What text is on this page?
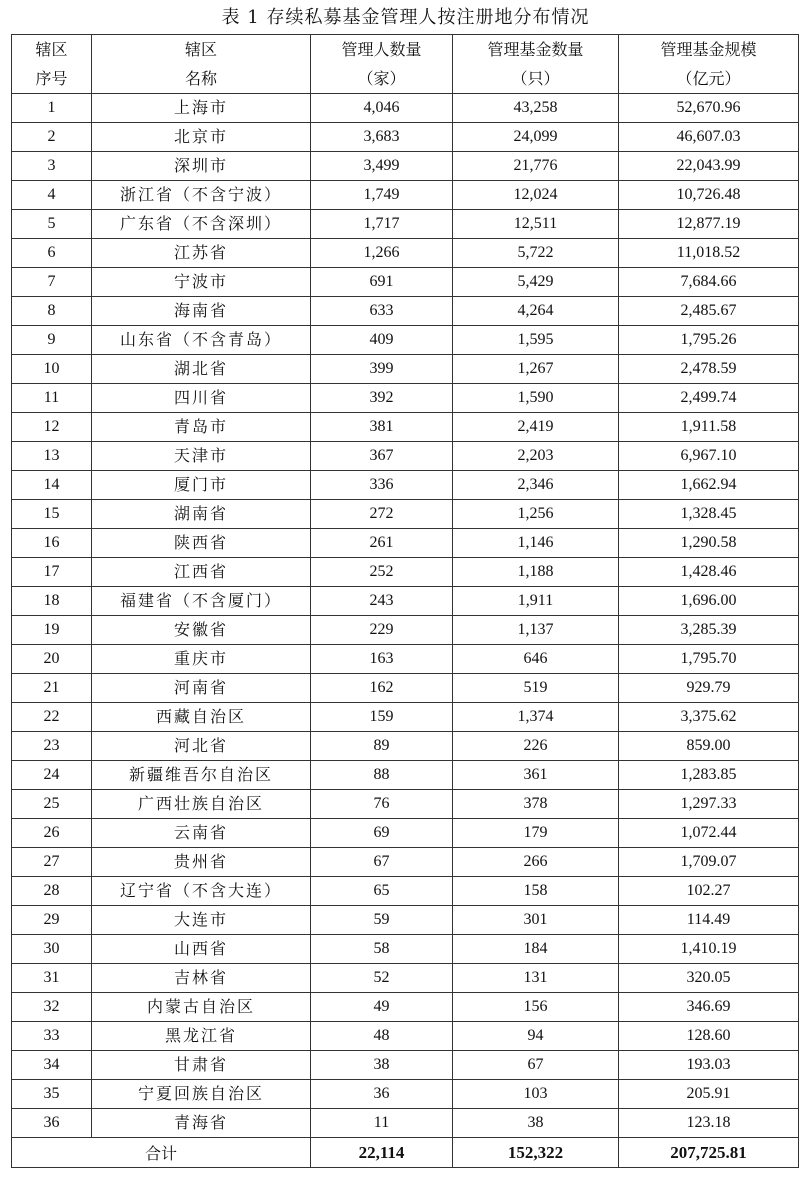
表 1 存续私募基金管理人按注册地分布情况
辖区	辖区	管理人数量	管理基金数量	管理基金规模
序号	名称	（家）	（只）	（亿元）
1	上海市	4,046	43,258	52,670.96
2	北京市	3,683	24,099	46,607.03
3	深圳市	3,499	21,776	22,043.99
4	浙江省（不含宁波）	1,749	12,024	10,726.48
5	广东省（不含深圳）	1,717	12,511	12,877.19
6	江苏省	1,266	5,722	11,018.52
7	宁波市	691	5,429	7,684.66
8	海南省	633	4,264	2,485.67
9	山东省（不含青岛）	409	1,595	1,795.26
10	湖北省	399	1,267	2,478.59
11	四川省	392	1,590	2,499.74
12	青岛市	381	2,419	1,911.58
13	天津市	367	2,203	6,967.10
14	厦门市	336	2,346	1,662.94
15	湖南省	272	1,256	1,328.45
16	陕西省	261	1,146	1,290.58
17	江西省	252	1,188	1,428.46
18	福建省（不含厦门）	243	1,911	1,696.00
19	安徽省	229	1,137	3,285.39
20	重庆市	163	646	1,795.70
21	河南省	162	519	929.79
22	西藏自治区	159	1,374	3,375.62
23	河北省	89	226	859.00
24	新疆维吾尔自治区	88	361	1,283.85
25	广西壮族自治区	76	378	1,297.33
26	云南省	69	179	1,072.44
27	贵州省	67	266	1,709.07
28	辽宁省（不含大连）	65	158	102.27
29	大连市	59	301	114.49
30	山西省	58	184	1,410.19
31	吉林省	52	131	320.05
32	内蒙古自治区	49	156	346.69
33	黑龙江省	48	94	128.60
34	甘肃省	38	67	193.03
35	宁夏回族自治区	36	103	205.91
36	青海省	11	38	123.18
合计		22,114	152,322	207,725.81
